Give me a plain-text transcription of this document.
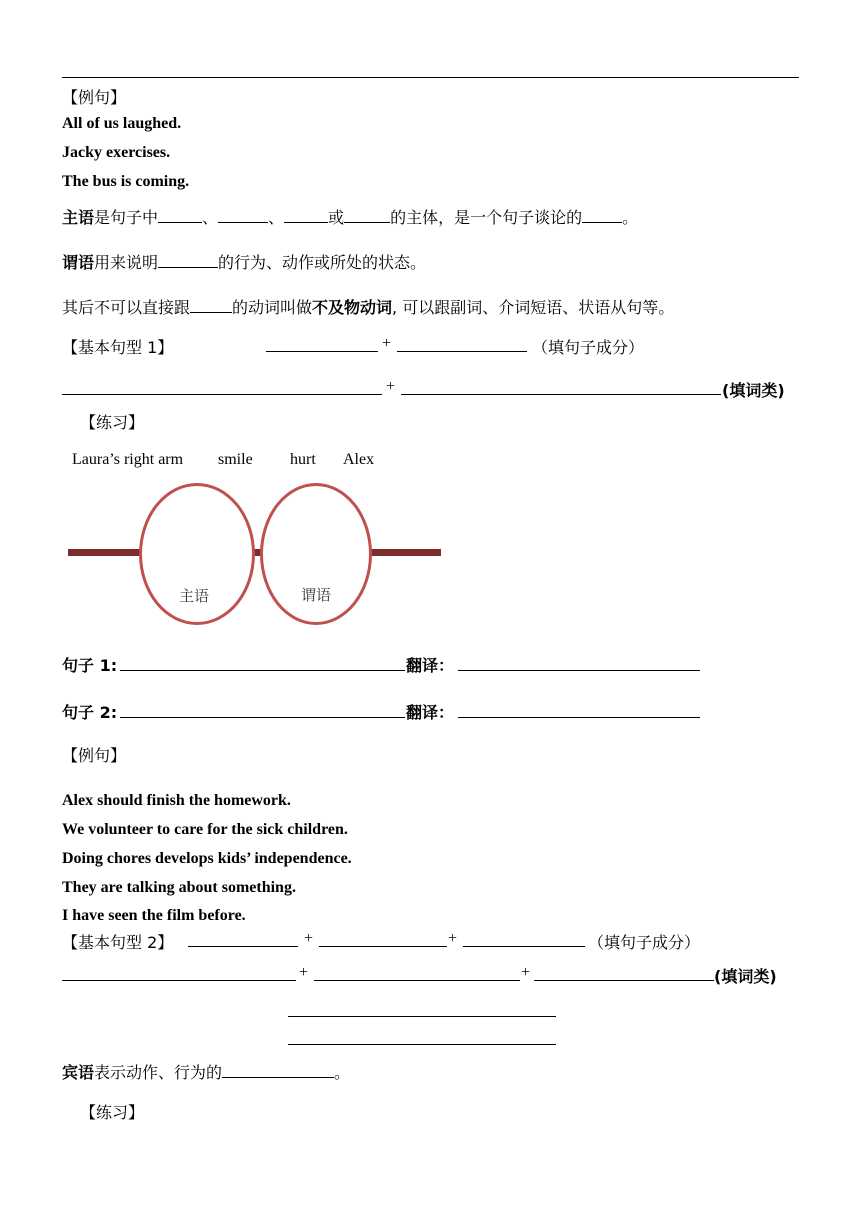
【例句】
All of us laughed.
Jacky exercises.
The bus is coming.
主语是句子中	、	、	或	的主体，是一个句子谈论的	。
谓语用来说明	的行为、动作或所处的状态。
其后不可以直接跟	的动词叫做不及物动词, 可以跟副词、介词短语、状语从句等。
【基本句型 1】	+	（填句子成分）
+	(填词类)
【练习】
Laura’s right arm smile hurt Alex
主语	谓语
句子 1:	翻译：
句子 2:	翻译：
【例句】
Alex should finish the homework.
We volunteer to care for the sick children.
Doing chores develops kids’ independence.
They are talking about something.
I have seen the film before.
【基本句型 2】	+	+	（填句子成分）
+	+	(填词类)
宾语表示动作、行为的	。
【练习】
